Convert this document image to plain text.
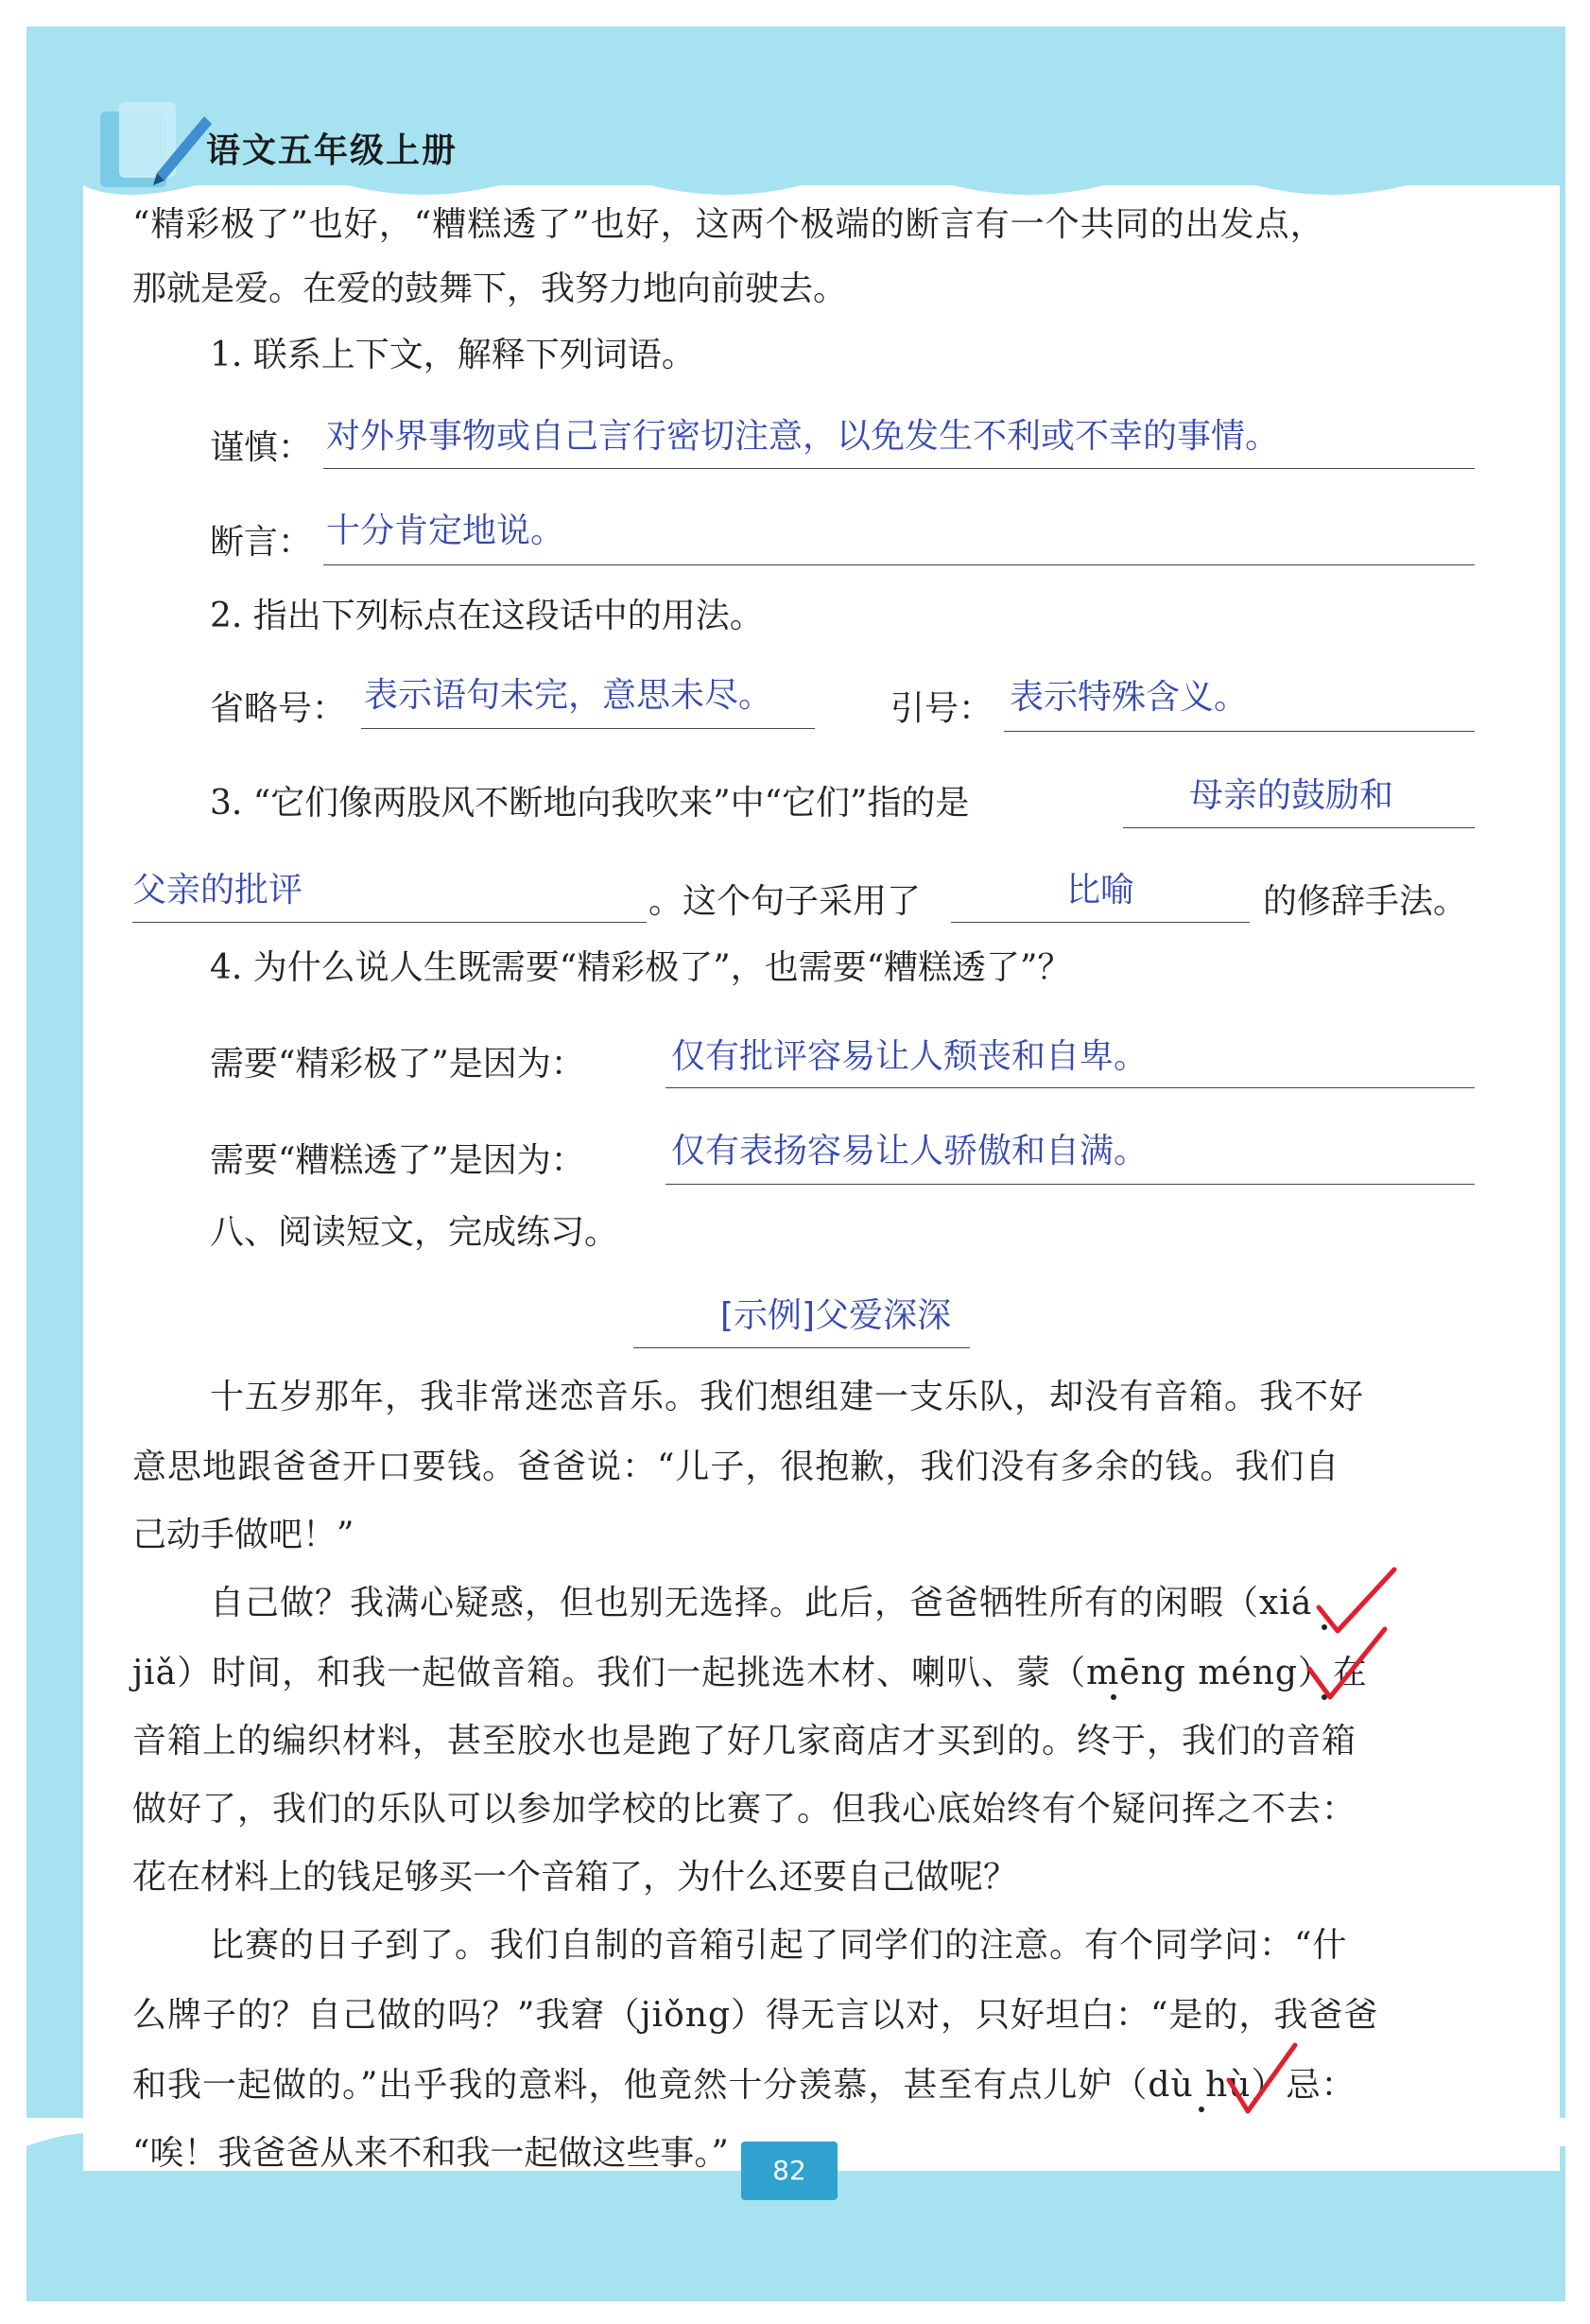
语文五年级上册
82
“精彩极了”也好，“糟糕透了”也好，这两个极端的断言有一个共同的出发点，
那就是爱。在爱的鼓舞下，我努力地向前驶去。
1. 联系上下文，解释下列词语。
谨慎： 对外界事物或自己言行密切注意，以免发生不利或不幸的事情。
断言： 十分肯定地说。
2. 指出下列标点在这段话中的用法。
省略号： 表示语句未完，意思未尽。	引号： 表示特殊含义。
3. “它们像两股风不断地向我吹来”中“它们”指的是	母亲的鼓励和
父亲的批评	。这个句子采用了	比喻	的修辞手法。
4. 为什么说人生既需要“精彩极了”，也需要“糟糕透了”？
需要“精彩极了”是因为：	仅有批评容易让人颓丧和自卑。
需要“糟糕透了”是因为：	仅有表扬容易让人骄傲和自满。
八、阅读短文，完成练习。
[示例]父爱深深
十五岁那年，我非常迷恋音乐。我们想组建一支乐队，却没有音箱。我不好
意思地跟爸爸开口要钱。爸爸说：“儿子，很抱歉，我们没有多余的钱。我们自
己动手做吧！”
自己做？我满心疑惑，但也别无选择。此后，爸爸牺牲所有的闲暇（xiá
jiǎ）时间，和我一起做音箱。我们一起挑选木材、喇叭、蒙（mēng méng）在
音箱上的编织材料，甚至胶水也是跑了好几家商店才买到的。终于，我们的音箱
做好了，我们的乐队可以参加学校的比赛了。但我心底始终有个疑问挥之不去：
花在材料上的钱足够买一个音箱了，为什么还要自己做呢？
比赛的日子到了。我们自制的音箱引起了同学们的注意。有个同学问：“什
么牌子的？自己做的吗？”我窘（jiǒng）得无言以对，只好坦白：“是的，我爸爸
和我一起做的。”出乎我的意料，他竟然十分羡慕，甚至有点儿妒（dù hù）忌：
“唉！我爸爸从来不和我一起做这些事。”
